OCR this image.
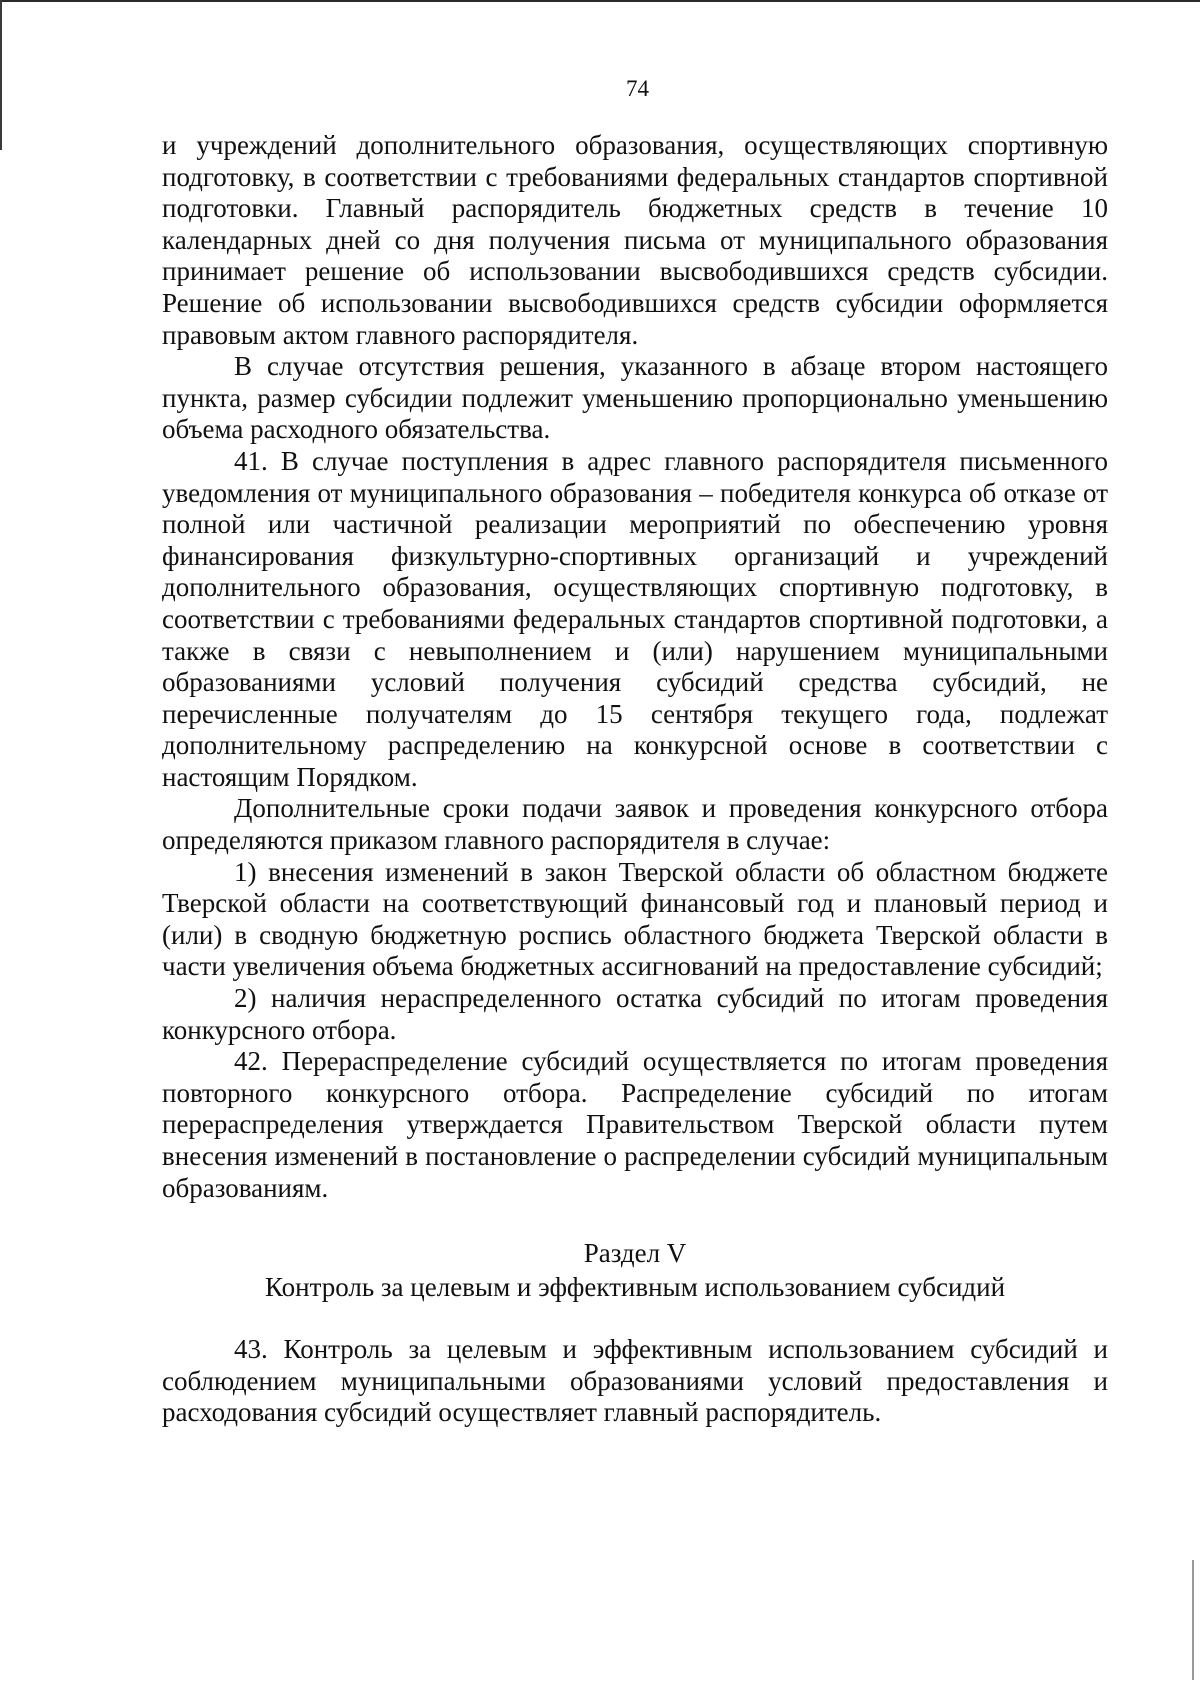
74

и учреждений дополнительного образования, осуществляющих спортивную подготовку, в соответствии с требованиями федеральных стандартов спортивной подготовки. Главный распорядитель бюджетных средств в течение 10 календарных дней со дня получения письма от муниципального образования принимает решение об использовании высвободившихся средств субсидии. Решение об использовании высвободившихся средств субсидии оформляется правовым актом главного распорядителя.

В случае отсутствия решения, указанного в абзаце втором настоящего пункта, размер субсидии подлежит уменьшению пропорционально уменьшению объема расходного обязательства.

41. В случае поступления в адрес главного распорядителя письменного уведомления от муниципального образования – победителя конкурса об отказе от полной или частичной реализации мероприятий по обеспечению уровня финансирования физкультурно-спортивных организаций и учреждений дополнительного образования, осуществляющих спортивную подготовку, в соответствии с требованиями федеральных стандартов спортивной подготовки, а также в связи с невыполнением и (или) нарушением муниципальными образованиями условий получения субсидий средства субсидий, не перечисленные получателям до 15 сентября текущего года, подлежат дополнительному распределению на конкурсной основе в соответствии с настоящим Порядком.

Дополнительные сроки подачи заявок и проведения конкурсного отбора определяются приказом главного распорядителя в случае:

1) внесения изменений в закон Тверской области об областном бюджете Тверской области на соответствующий финансовый год и плановый период и (или) в сводную бюджетную роспись областного бюджета Тверской области в части увеличения объема бюджетных ассигнований на предоставление субсидий;

2) наличия нераспределенного остатка субсидий по итогам проведения конкурсного отбора.

42. Перераспределение субсидий осуществляется по итогам проведения повторного конкурсного отбора. Распределение субсидий по итогам перераспределения утверждается Правительством Тверской области путем внесения изменений в постановление о распределении субсидий муниципальным образованиям.

Раздел V
Контроль за целевым и эффективным использованием субсидий

43. Контроль за целевым и эффективным использованием субсидий и соблюдением муниципальными образованиями условий предоставления и расходования субсидий осуществляет главный распорядитель.
